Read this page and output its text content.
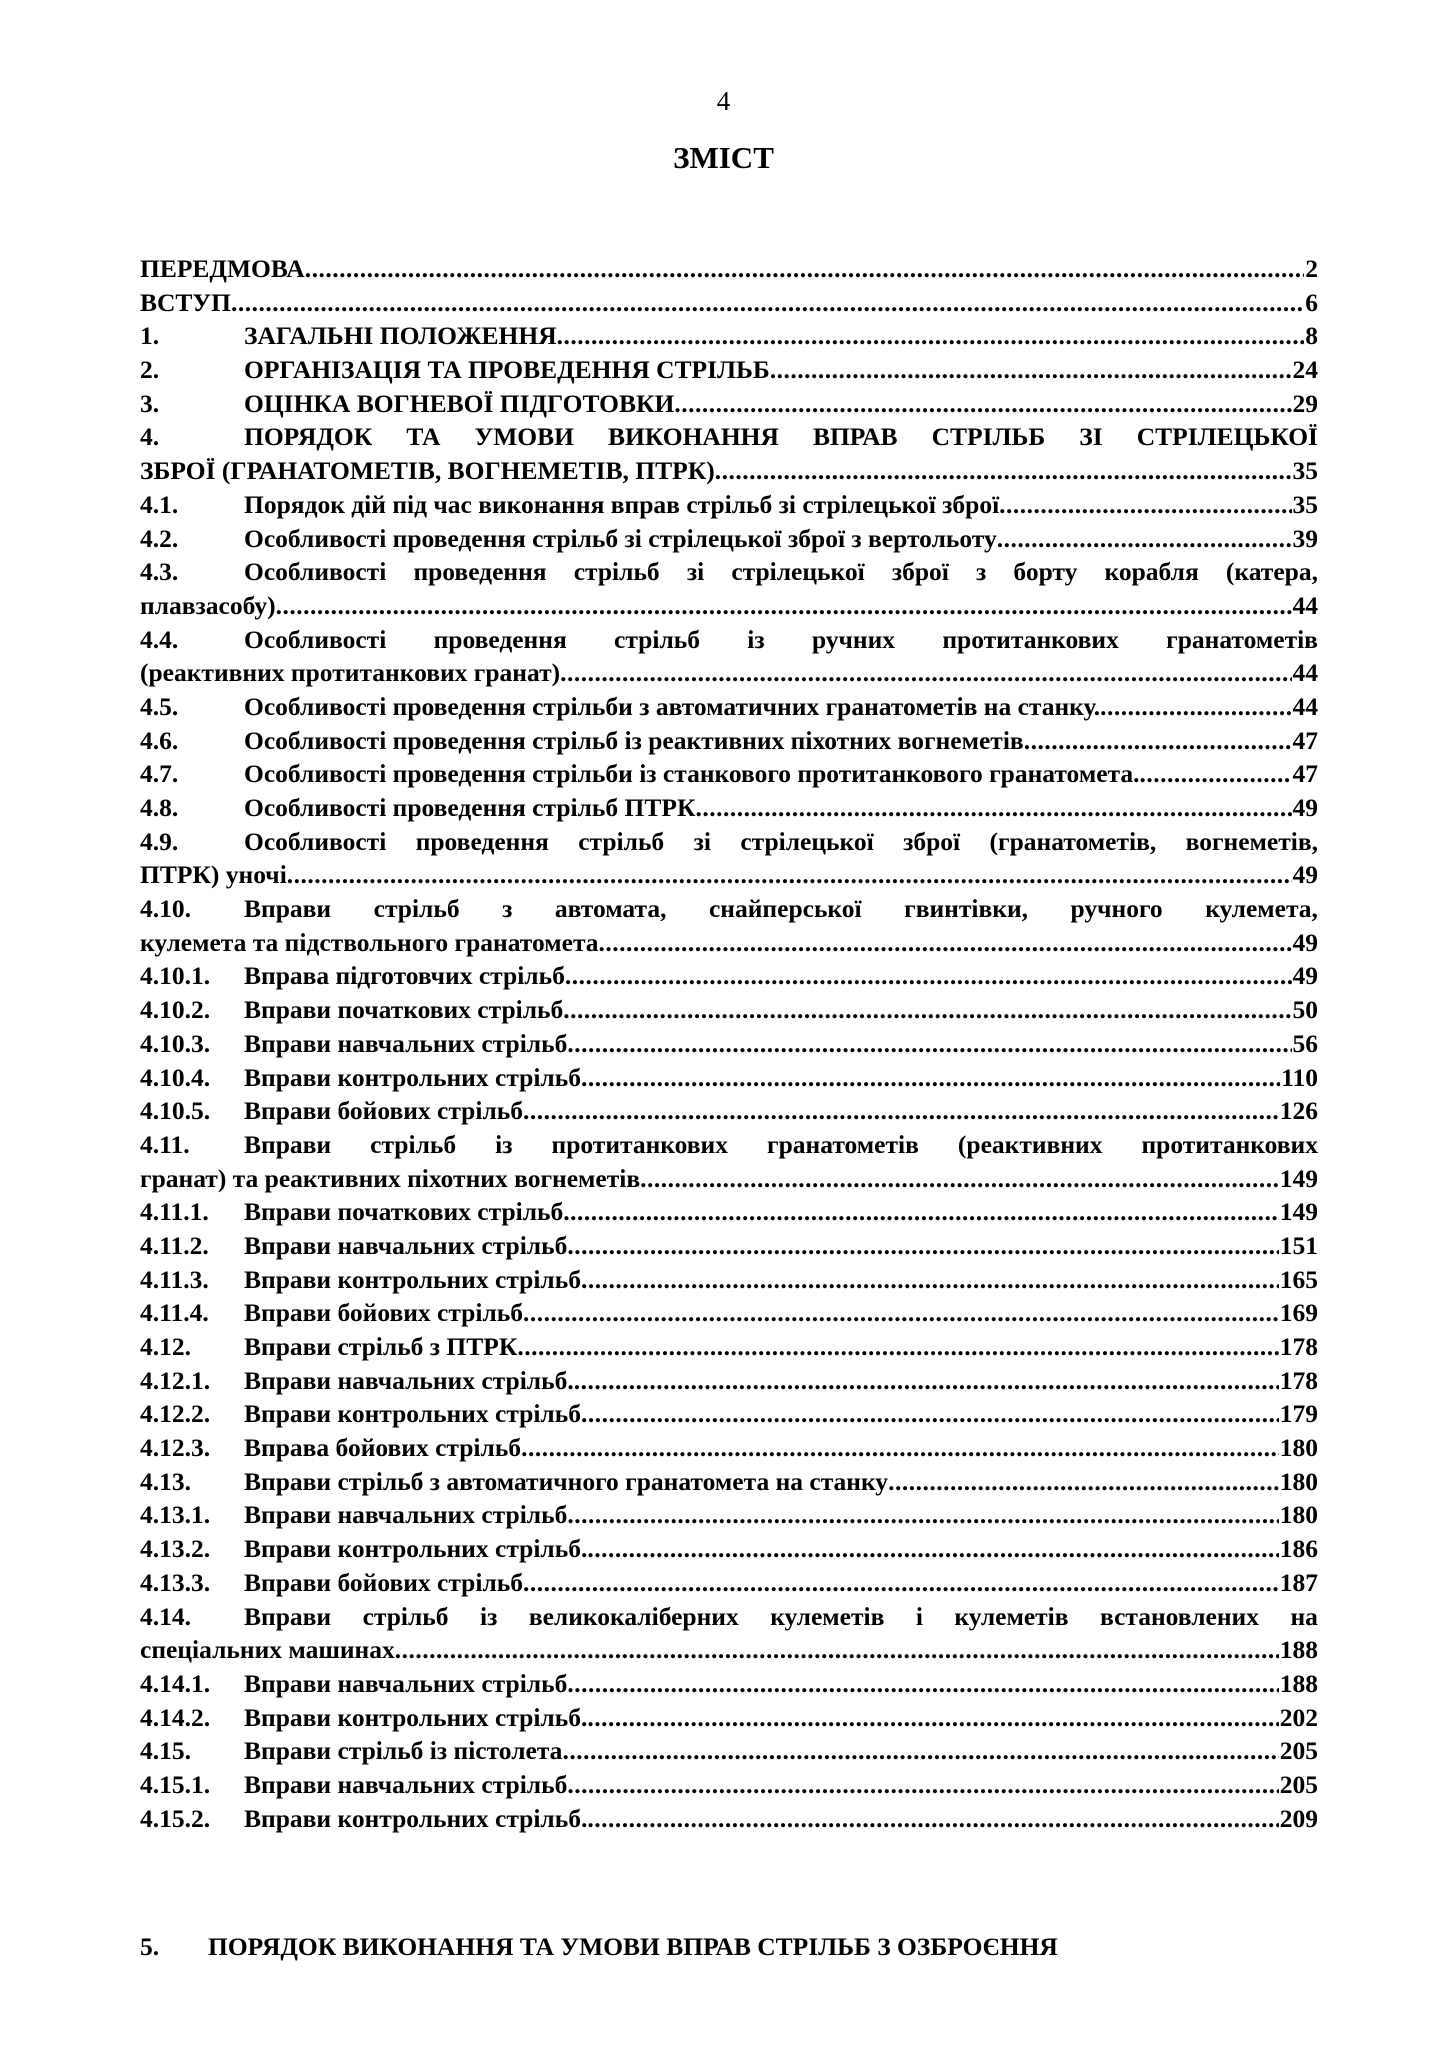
4
ЗМІСТ
ПЕРЕДМОВА .....	2
ВСТУП .....	6
1.	ЗАГАЛЬНІ ПОЛОЖЕННЯ .....	8
2.	ОРГАНІЗАЦІЯ ТА ПРОВЕДЕННЯ СТРІЛЬБ .....	24
3.	ОЦІНКА ВОГНЕВОЇ ПІДГОТОВКИ .....	29
4.	ПОРЯДОК ТА УМОВИ ВИКОНАННЯ ВПРАВ СТРІЛЬБ ЗІ СТРІЛЕЦЬКОЇ
ЗБРОЇ (ГРАНАТОМЕТІВ, ВОГНЕМЕТІВ, ПТРК) .....	35
4.1.	Порядок дій під час виконання вправ стрільб зі стрілецької зброї .....	35
4.2.	Особливості проведення стрільб зі стрілецької зброї з вертольоту .....	39
4.3.	Особливості проведення стрільб зі стрілецької зброї з борту корабля (катера,
плавзасобу) .....	44
4.4.	Особливості проведення стрільб із ручних протитанкових гранатометів
(реактивних протитанкових гранат) .....	44
4.5.	Особливості проведення стрільби з автоматичних гранатометів на станку. .....	44
4.6.	Особливості проведення стрільб із реактивних піхотних вогнеметів .....	47
4.7.	Особливості проведення стрільби із станкового протитанкового гранатомета. .....	47
4.8.	Особливості проведення стрільб ПТРК .....	49
4.9.	Особливості проведення стрільб зі стрілецької зброї (гранатометів, вогнеметів,
ПТРК) уночі .....	49
4.10.	Вправи стрільб з автомата, снайперської гвинтівки, ручного кулемета,
кулемета та підствольного гранатомета .....	49
4.10.1.	Вправа підготовчих стрільб .....	49
4.10.2.	Вправи початкових стрільб .....	50
4.10.3.	Вправи навчальних стрільб .....	56
4.10.4.	Вправи контрольних стрільб .....	110
4.10.5.	Вправи бойових стрільб .....	126
4.11.	Вправи стрільб із протитанкових гранатометів (реактивних протитанкових
гранат) та реактивних піхотних вогнеметів .....	149
4.11.1.	Вправи початкових стрільб .....	149
4.11.2.	Вправи навчальних стрільб .....	151
4.11.3.	Вправи контрольних стрільб .....	165
4.11.4.	Вправи бойових стрільб .....	169
4.12.	Вправи стрільб з ПТРК .....	178
4.12.1.	Вправи навчальних стрільб. .....	178
4.12.2.	Вправи контрольних стрільб .....	179
4.12.3.	Вправа бойових стрільб .....	180
4.13.	Вправи стрільб з автоматичного гранатомета на станку .....	180
4.13.1.	Вправи навчальних стрільб .....	180
4.13.2.	Вправи контрольних стрільб. .....	186
4.13.3.	Вправи бойових стрільб .....	187
4.14.	Вправи стрільб із великокаліберних кулеметів і кулеметів встановлених на
спеціальних машинах .....	188
4.14.1.	Вправи навчальних стрільб .....	188
4.14.2.	Вправи контрольних стрільб. .....	202
4.15.	Вправи стрільб із пістолета .....	205
4.15.1.	Вправи навчальних стрільб .....	205
4.15.2.	Вправи контрольних стрільб. .....	209
5. ПОРЯДОК ВИКОНАННЯ ТА УМОВИ ВПРАВ СТРІЛЬБ З ОЗБРОЄННЯ
